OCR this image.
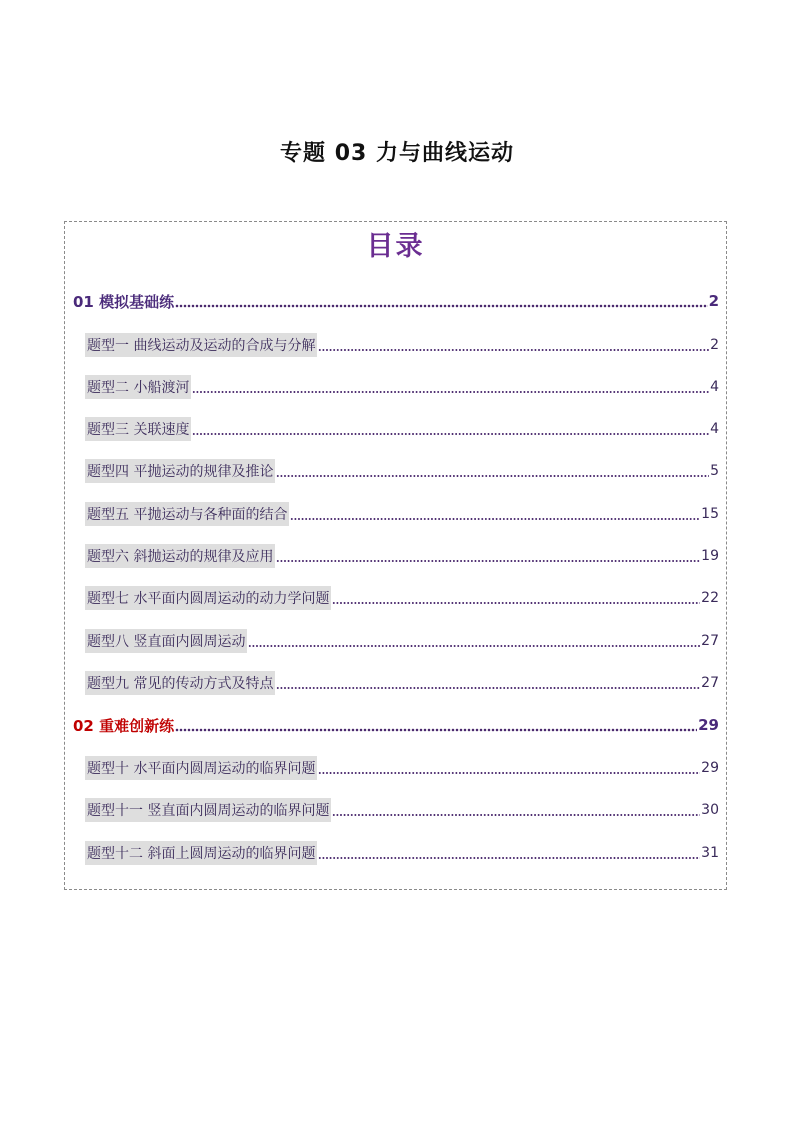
专题 03 力与曲线运动
目录
01 模拟基础练	2
题型一 曲线运动及运动的合成与分解	2
题型二 小船渡河	4
题型三 关联速度	4
题型四 平抛运动的规律及推论	5
题型五 平抛运动与各种面的结合	15
题型六 斜抛运动的规律及应用	19
题型七 水平面内圆周运动的动力学问题	22
题型八 竖直面内圆周运动	27
题型九 常见的传动方式及特点	27
02 重难创新练	29
题型十 水平面内圆周运动的临界问题	29
题型十一 竖直面内圆周运动的临界问题	30
题型十二 斜面上圆周运动的临界问题	31
